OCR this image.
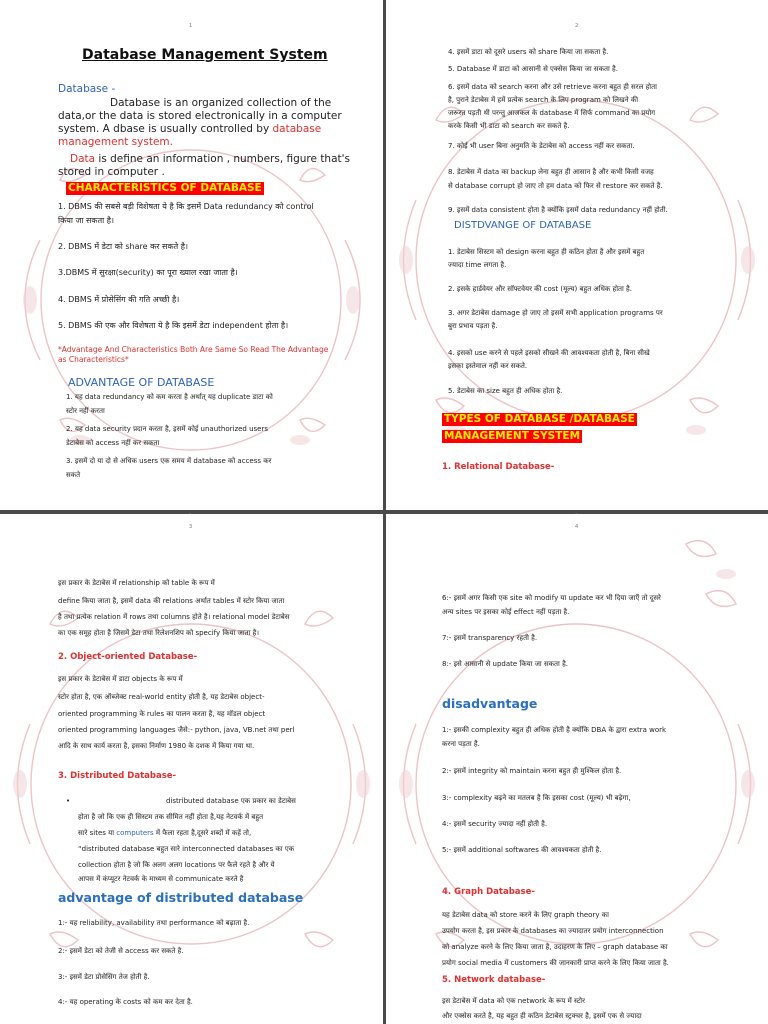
1
Database Management System
Database -
Database is an organized collection of the
data,or the data is stored electronically in a computer
system. A dbase is usually controlled by database
management system.
Data is define an information , numbers, figure that's
stored in computer .
CHARACTERISTICS OF DATABASE
1. DBMS की सबसे बड़ी विशेषता ये है कि इसमें Data redundancy को control
किया जा सकता है।
2. DBMS में डेटा को share कर सकते है।
3.DBMS में सुरक्षा(security) का पूरा ख्याल रखा जाता है।
4. DBMS में प्रोसेसिंग की गति अच्छी है।
5. DBMS की एक और विशेषता ये है कि इसमें डेटा independent होता है।
*Advantage And Characteristics Both Are Same So Read The Advantage
as Characteristics*
ADVANTAGE OF DATABASE
1. यह data redundancy को कम करता है अर्थात् यह duplicate डाटा को
स्टोर नहीं करता
2. यह data security प्रदान करता है, इसमें कोई unauthorized users
डेटाबेस को access नहीं कर सकता
3. इसमें दो या दो से अधिक users एक समय में database को access कर
सकते
2
4. इसमें डाटा को दूसरे users को share किया जा सकता है.
5. Database में डाटा को आसानी से एक्सेस किया जा सकता है.
6. इसमें data को search करना और उसे retrieve करना बहुत ही सरल होता
है, पुराने डेटाबेस में हमें प्रत्येक search के लिए program को लिखने की
जरूरत पड़ती थी परन्तु आजकल के database में सिर्फ command का प्रयोग
करके किसी भी डाटा को search कर सकते है.
7. कोई भी user बिना अनुमति के डेटाबेस को access नहीं कर सकता.
8. डेटाबेस में data का backup लेना बहुत ही आसान है और कभी किसी वजह
से database corrupt हो जाए तो हम data को फिर से restore कर सकते है.
9. इसमें data consistent होता है क्योंकि इसमें data redundancy नहीं होती.
DISTDVANGE OF DATABASE
1. डेटाबेस सिस्टम को design करना बहुत ही कठिन होता है और इसमें बहुत
ज्यादा time लगता है.
2. इसके हार्डवेयर और सॉफ्टवेयर की cost (मूल्य) बहुत अधिक होता है.
3. अगर डेटाबेस damage हो जाए तो इसमें सभी application programs पर
बुरा प्रभाव पड़ता है.
4. इसको use करने से पहले इसको सीखने की आवश्यकता होती है, बिना सीखे
इसका इस्तेमाल नहीं कर सकते.
5. डेटाबेस का size बहुत ही अधिक होता है.
TYPES OF DATABASE /DATABASE
MANAGEMENT SYSTEM
1. Relational Database-
3
इस प्रकार के डेटाबेस में relationship को table के रूप में
define किया जाता है, इसमें data की relations अर्थात tables में स्टोर किया जाता
है तथा प्रत्येक relation में rows तथा columns होते है। relational model डेटाबेस
का एक समूह होता है जिसमें डेटा तथा रिलेशनशिप को specify किया जाता है।
2. Object-oriented Database-
इस प्रकार के डेटाबेस में डाटा objects के रूप में
स्टोर होता है, एक ऑब्जेक्ट real-world entity होती है, यह डेटाबेस object-
oriented programming के rules का पालन करता है, यह मॉडल object
oriented programming languages जैसे:- python, java, VB.net तथा perl
आदि के साथ कार्य करता है, इसका निर्माण 1980 के दशक में किया गया था.
3. Distributed Database-
•	distributed database एक प्रकार का डेटाबेस
होता है जो कि एक ही सिस्टम तक सीमित नहीं होता है,यह नेटवर्क में बहुत
सारे sites या computers में फैला रहता है,दूसरे शब्दों में कहें तो,
“distributed database बहुत सारे interconnected databases का एक
collection होता है जो कि अलग अलग locations पर फैले रहते है और ये
आपस में कंप्यूटर नेटवर्क के माध्यम से communicate करते है
advantage of distributed database
1:- यह reliability, availability तथा performance को बढ़ाता है.
2:- इसमें डेटा को तेजी से access कर सकते है.
3:- इसमें डेटा प्रोसेसिंग तेज होती है.
4:- यह operating के costs को कम कर देता है.
4
6:- इसमें अगर किसी एक site को modify या update कर भी दिया जाएँ तो दूसरे
अन्य sites पर इसका कोई effect नहीं पड़ता है.
7:- इसमें transparency रहती है.
8:- इसे आसानी से update किया जा सकता है.
disadvantage
1:- इसकी complexity बहुत ही अधिक होती है क्योंकि DBA के द्वारा extra work
करना पड़ता है.
2:- इसमें integrity को maintain करना बहुत ही मुश्किल होता है.
3:- complexity बढ़ने का मतलब है कि इसका cost (मूल्य) भी बढ़ेगा,
4:- इसमें security ज्यादा नहीं होती है.
5:- इसमें additional softwares की आवश्यकता होती है.
4. Graph Database-
यह डेटाबेस data को store करने के लिए graph theory का
उपयोग करता है, इस प्रकार के databases का ज्यादातर प्रयोग interconnection
को analyze करने के लिए किया जाता है, उदाहरण के लिए – graph database का
प्रयोग social media में customers की जानकारी प्राप्त करने के लिए किया जाता है.
5. Network database-
इस डेटाबेस में data को एक network के रूप में स्टोर
और एक्सेस करते है, यह बहुत ही कठिन डेटाबेस स्ट्रक्चर है, इसमें एक से ज्यादा
